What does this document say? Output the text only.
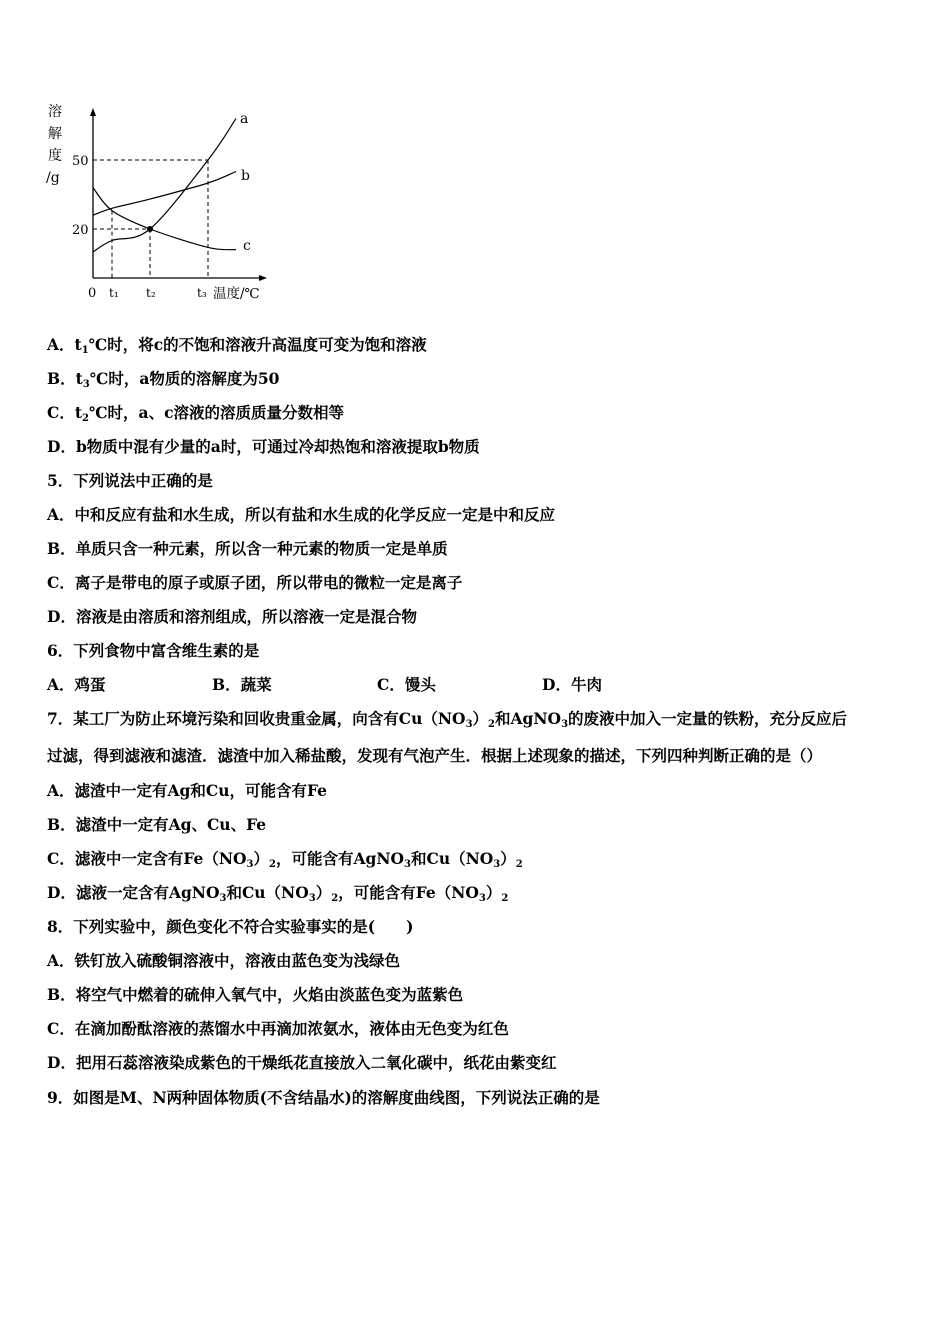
溶
解
度
/g
50
20
0 t₁ t₂	t₃ 温度/℃
a
b
c
A．$t_1℃$时，将c的不饱和溶液升高温度可变为饱和溶液
B．$t_3℃$时，a物质的溶解度为50
C．$t_2℃$时，a、c溶液的溶质质量分数相等
D．b物质中混有少量的a时，可通过冷却热饱和溶液提取b物质
5．下列说法中正确的是
A．中和反应有盐和水生成，所以有盐和水生成的化学反应一定是中和反应
B．单质只含一种元素，所以含一种元素的物质一定是单质
C．离子是带电的原子或原子团，所以带电的微粒一定是离子
D．溶液是由溶质和溶剂组成，所以溶液一定是混合物
6．下列食物中富含维生素的是
A．鸡蛋	B．蔬菜	C．馒头	D．牛肉
7．某工厂为防止环境污染和回收贵重金属，向含有$Cu(NO_3)_2$和AgNO$_3$的废液中加入一定量的铁粉，充分反应后
过滤，得到滤液和滤渣．滤渣中加入稀盐酸，发现有气泡产生．根据上述现象的描述，下列四种判断正确的是（）
A．滤渣中一定有Ag和Cu，可能含有Fe
B．滤渣中一定有Ag、Cu、Fe
C．滤液中一定含有$Fe(NO_3)_2$，可能含有AgNO$_3$和$Cu(NO_3)_2$
D．滤液一定含有AgNO$_3$和$Cu(NO_3)_2$，可能含有$Fe(NO_3)_2$
8．下列实验中，颜色变化不符合实验事实的是(　　)
A．铁钉放入硫酸铜溶液中，溶液由蓝色变为浅绿色
B．将空气中燃着的硫伸入氧气中，火焰由淡蓝色变为蓝紫色
C．在滴加酚酞溶液的蒸馏水中再滴加浓氨水，液体由无色变为红色
D．把用石蕊溶液染成紫色的干燥纸花直接放入二氧化碳中，纸花由紫变红
9．如图是M、N两种固体物质(不含结晶水)的溶解度曲线图，下列说法正确的是
